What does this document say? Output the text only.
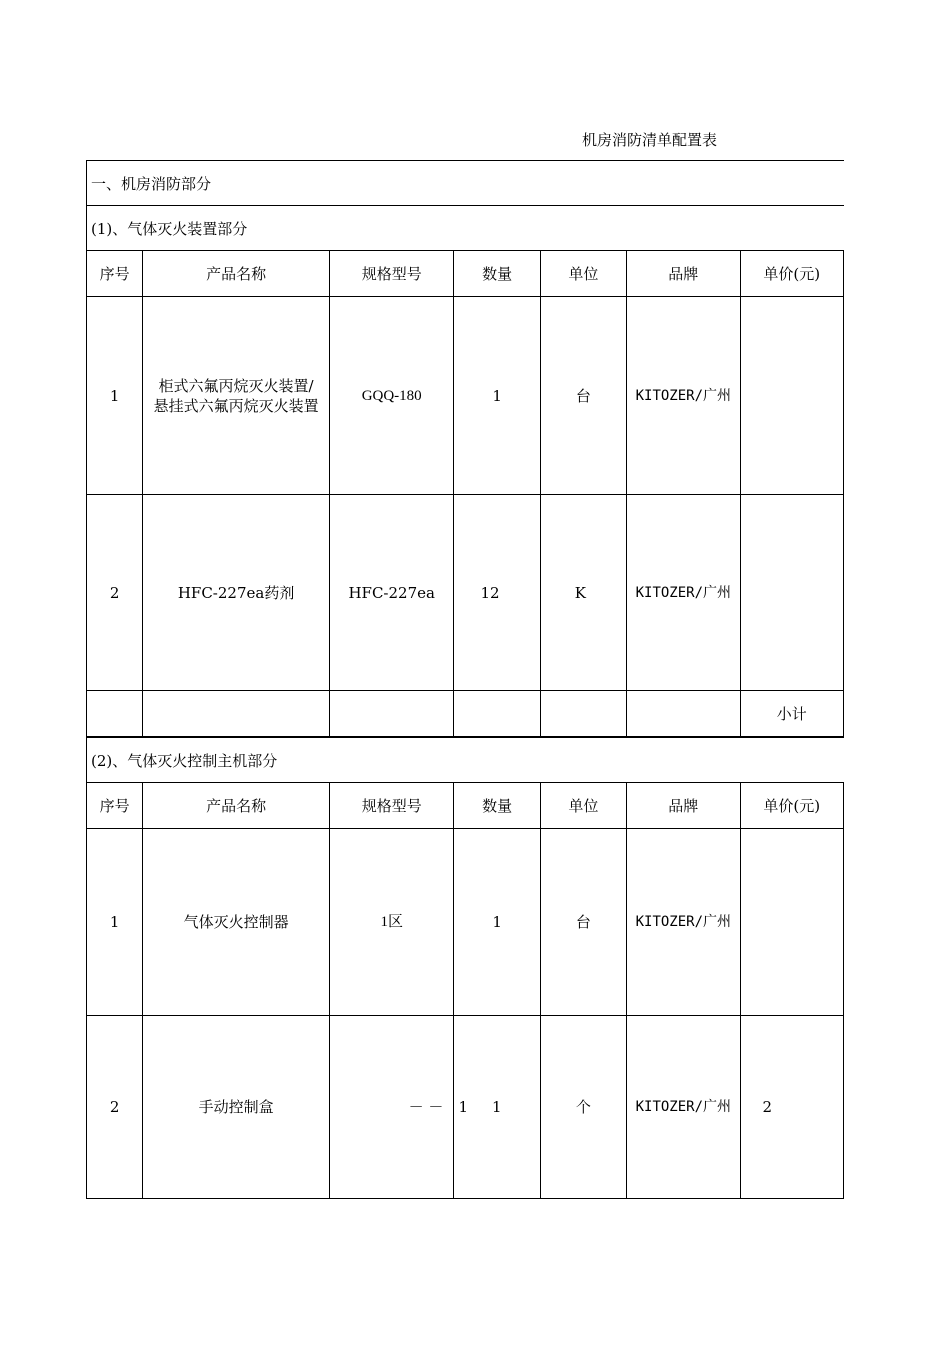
机房消防清单配置表
一、机房消防部分
(1)、气体灭火装置部分
序号	产品名称	规格型号	数量	单位	品牌	单价(元)
1	柜式六氟丙烷灭火装置/
悬挂式六氟丙烷灭火装置	GQQ-180	1	台	KITOZER/广州	
2	HFC-227ea药剂	HFC-227ea	12	K	KITOZER/广州	
						小计
(2)、气体灭火控制主机部分
序号	产品名称	规格型号	数量	单位	品牌	单价(元)
1	气体灭火控制器	1区	1	台	KITOZER/广州	
2	手动控制盒	－ －	1 1	个	KITOZER/广州	2
